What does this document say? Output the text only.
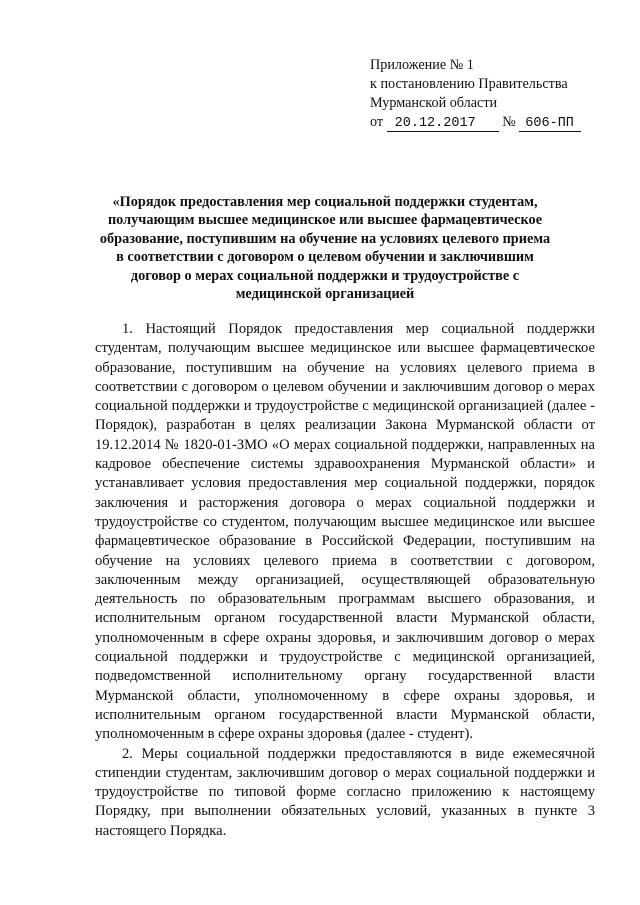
Приложение № 1
к постановлению Правительства
Мурманской области
от 20.12.2017 № 606-ПП
«Порядок предоставления мер социальной поддержки студентам, получающим высшее медицинское или высшее фармацевтическое образование, поступившим на обучение на условиях целевого приема в соответствии с договором о целевом обучении и заключившим договор о мерах социальной поддержки и трудоустройстве с медицинской организацией

1. Настоящий Порядок предоставления мер социальной поддержки студентам, получающим высшее медицинское или высшее фармацевтическое образование, поступившим на обучение на условиях целевого приема в соответствии с договором о целевом обучении и заключившим договор о мерах социальной поддержки и трудоустройстве с медицинской организацией (далее - Порядок), разработан в целях реализации Закона Мурманской области от 19.12.2014 № 1820-01-ЗМО «О мерах социальной поддержки, направленных на кадровое обеспечение системы здравоохранения Мурманской области» и устанавливает условия предоставления мер социальной поддержки, порядок заключения и расторжения договора о мерах социальной поддержки и трудоустройстве со студентом, получающим высшее медицинское или высшее фармацевтическое образование в Российской Федерации, поступившим на обучение на условиях целевого приема в соответствии с договором, заключенным между организацией, осуществляющей образовательную деятельность по образовательным программам высшего образования, и исполнительным органом государственной власти Мурманской области, уполномоченным в сфере охраны здоровья, и заключившим договор о мерах социальной поддержки и трудоустройстве с медицинской организацией, подведомственной исполнительному органу государственной власти Мурманской области, уполномоченному в сфере охраны здоровья, и исполнительным органом государственной власти Мурманской области, уполномоченным в сфере охраны здоровья (далее - студент).

2. Меры социальной поддержки предоставляются в виде ежемесячной стипендии студентам, заключившим договор о мерах социальной поддержки и трудоустройстве по типовой форме согласно приложению к настоящему Порядку, при выполнении обязательных условий, указанных в пункте 3 настоящего Порядка.
